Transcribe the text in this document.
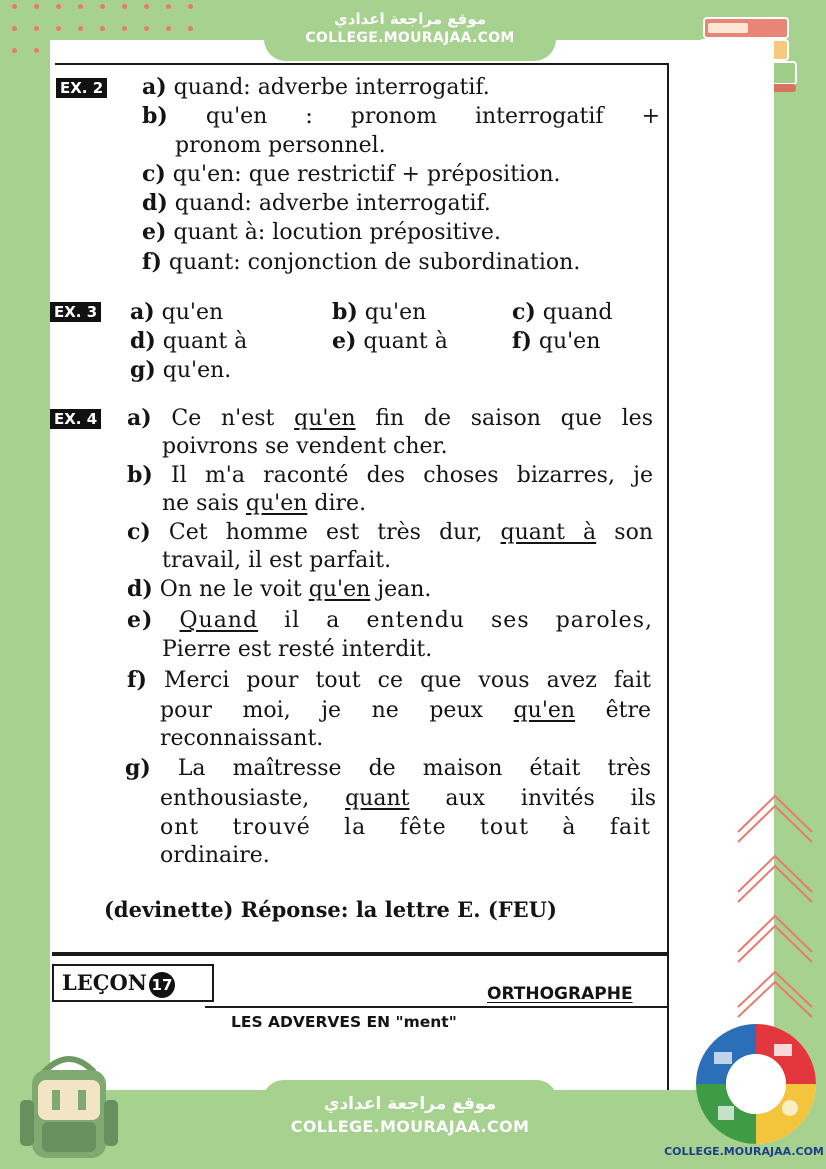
موقع مراجعة اعدادي
COLLEGE.MOURAJAA.COM
EX. 2 a) quand: adverbe interrogatif.
b) qu'en : pronom interrogatif +
pronom personnel.
c) qu'en: que restrictif + préposition.
d) quand: adverbe interrogatif.
e) quant à: locution prépositive.
f) quant: conjonction de subordination.
EX. 3 a) qu'en	b) qu'en	c) quand
d) quant à	e) quant à	f) qu'en
g) qu'en.
EX. 4 a) Ce n'est qu'en fin de saison que les
poivrons se vendent cher.
b) Il m'a raconté des choses bizarres, je
ne sais qu'en dire.
c) Cet homme est très dur, quant à son
travail, il est parfait.
d) On ne le voit qu'en jean.
e) Quand il a entendu ses paroles,
Pierre est resté interdit.
f) Merci pour tout ce que vous avez fait
pour moi, je ne peux qu'en être
reconnaissant.
g) La maîtresse de maison était très
enthousiaste, quant aux invités ils
ont trouvé la fête tout à fait
ordinaire.
(devinette) Réponse: la lettre E. (FEU)
LEÇON 17	ORTHOGRAPHE
LES ADVERVES EN "ment"
COLLEGE.MOURAJAA.COM
موقع مراجعة اعدادي
COLLEGE.MOURAJAA.COM
